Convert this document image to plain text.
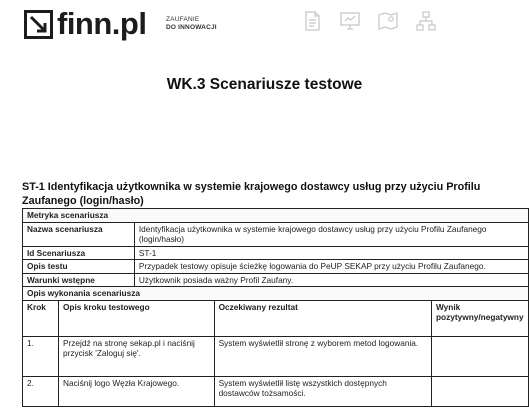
finn.pl	ZAUFANIE
DO INNOWACJI
WK.3 Scenariusze testowe
ST-1 Identyfikacja użytkownika w systemie krajowego dostawcy usług przy użyciu Profilu Zaufanego (login/hasło)
Metryka scenariusza				
Nazwa scenariusza		Identyfikacja użytkownika w systemie krajowego dostawcy usług przy użyciu Profilu Zaufanego (login/hasło)		
Id Scenariusza		ST-1		
Opis testu		Przypadek testowy opisuje ścieżkę logowania do PeUP SEKAP przy użyciu Profilu Zaufanego.		
Warunki wstępne		Użytkownik posiada ważny Profil Zaufany.		
Opis wykonania scenariusza				
Krok	Opis kroku testowego		Oczekiwany rezultat	Wynik pozytywny/negatywny
1.	Przejdź na stronę sekap.pl i naciśnij przycisk 'Zaloguj się'.		System wyświetlił stronę z wyborem metod logowania.	
2.	Naciśnij logo Węzła Krajowego.		System wyświetlił listę wszystkich dostępnych dostawców tożsamości.	
